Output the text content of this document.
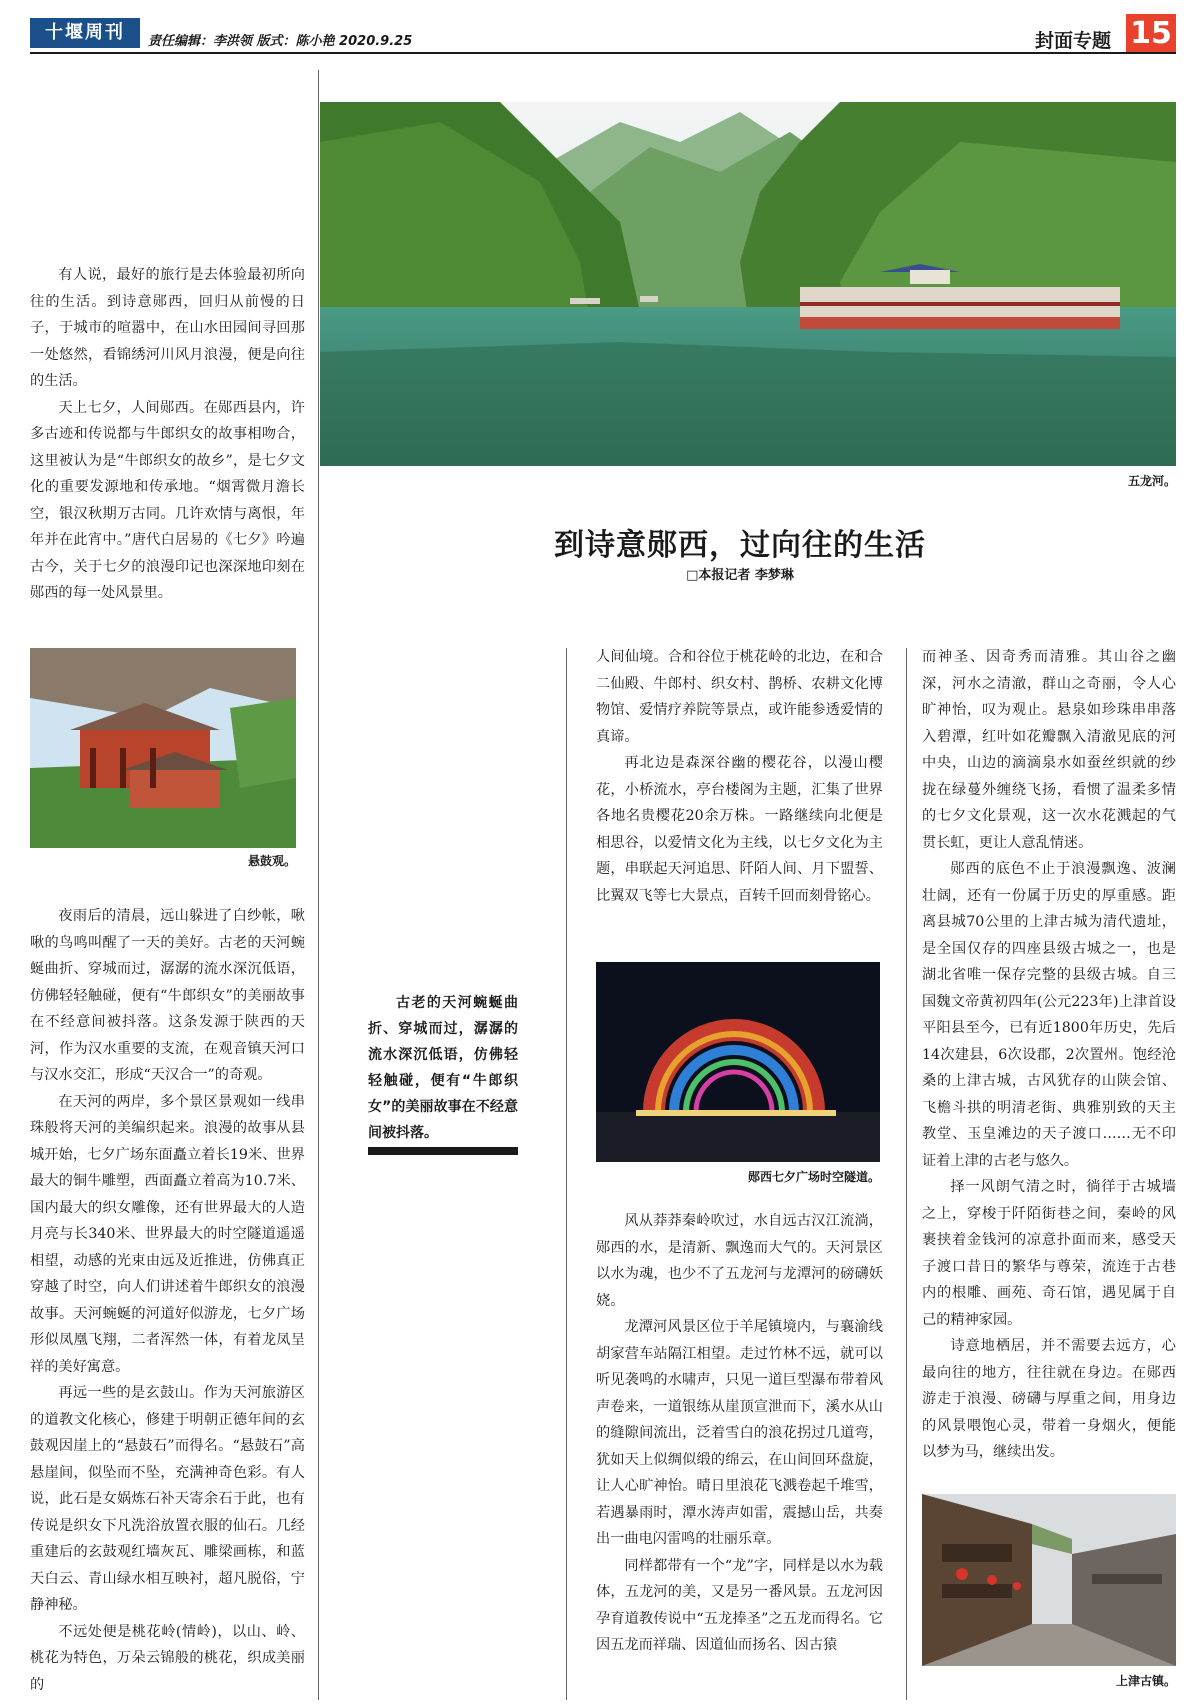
十堰周刊	责任编辑：李洪领 版式：陈小艳 2020.9.25	封面专题 15
五龙河。
到诗意郧西，过向往的生活
□本报记者 李梦琳

有人说，最好的旅行是去体验最初所向往的生活。到诗意郧西，回归从前慢的日子，于城市的喧嚣中，在山水田园间寻回那一处悠然，看锦绣河川风月浪漫，便是向往的生活。

天上七夕，人间郧西。在郧西县内，许多古迹和传说都与牛郎织女的故事相吻合，这里被认为是“牛郎织女的故乡”，是七夕文化的重要发源地和传承地。“烟霄微月澹长空，银汉秋期万古同。几许欢情与离恨，年年并在此宵中。”唐代白居易的《七夕》吟遍古今，关于七夕的浪漫印记也深深地印刻在郧西的每一处风景里。

悬鼓观。

夜雨后的清晨，远山躲进了白纱帐，啾啾的鸟鸣叫醒了一天的美好。古老的天河蜿蜒曲折、穿城而过，潺潺的流水深沉低语，仿佛轻轻触碰，便有“牛郎织女”的美丽故事在不经意间被抖落。这条发源于陕西的天河，作为汉水重要的支流，在观音镇天河口与汉水交汇，形成“天汉合一”的奇观。

在天河的两岸，多个景区景观如一线串珠般将天河的美编织起来。浪漫的故事从县城开始，七夕广场东面矗立着长19米、世界最大的铜牛雕塑，西面矗立着高为10.7米、国内最大的织女雕像，还有世界最大的人造月亮与长340米、世界最大的时空隧道遥遥相望，动感的光束由远及近推进，仿佛真正穿越了时空，向人们讲述着牛郎织女的浪漫故事。天河蜿蜒的河道好似游龙，七夕广场形似凤凰飞翔，二者浑然一体，有着龙凤呈祥的美好寓意。

再远一些的是玄鼓山。作为天河旅游区的道教文化核心，修建于明朝正德年间的玄鼓观因崖上的“悬鼓石”而得名。“悬鼓石”高悬崖间，似坠而不坠，充满神奇色彩。有人说，此石是女娲炼石补天寄余石于此，也有传说是织女下凡洗浴放置衣服的仙石。几经重建后的玄鼓观红墙灰瓦、雕梁画栋，和蓝天白云、青山绿水相互映衬，超凡脱俗，宁静神秘。

不远处便是桃花岭(情岭)，以山、岭、桃花为特色，万朵云锦般的桃花，织成美丽的

古老的天河蜿蜒曲折、穿城而过，潺潺的流水深沉低语，仿佛轻轻触碰，便有“牛郎织女”的美丽故事在不经意间被抖落。

人间仙境。合和谷位于桃花岭的北边，在和合二仙殿、牛郎村、织女村、鹊桥、农耕文化博物馆、爱情疗养院等景点，或许能参透爱情的真谛。

再北边是森深谷幽的樱花谷，以漫山樱花，小桥流水，亭台楼阁为主题，汇集了世界各地名贵樱花20余万株。一路继续向北便是相思谷，以爱情文化为主线，以七夕文化为主题，串联起天河追思、阡陌人间、月下盟誓、比翼双飞等七大景点，百转千回而刻骨铭心。

郧西七夕广场时空隧道。

风从莽莽秦岭吹过，水自远古汉江流淌，郧西的水，是清新、飘逸而大气的。天河景区以水为魂，也少不了五龙河与龙潭河的磅礴妖娆。

龙潭河风景区位于羊尾镇境内，与襄渝线胡家营车站隔江相望。走过竹林不远，就可以听见袭鸣的水啸声，只见一道巨型瀑布带着风声卷来，一道银练从崖顶宣泄而下，溪水从山的缝隙间流出，泛着雪白的浪花拐过几道弯，犹如天上似绸似缎的绵云，在山间回环盘旋，让人心旷神怡。晴日里浪花飞溅卷起千堆雪，若遇暴雨时，潭水涛声如雷，震撼山岳，共奏出一曲电闪雷鸣的壮丽乐章。

同样都带有一个“龙”字，同样是以水为载体，五龙河的美，又是另一番风景。五龙河因孕育道教传说中“五龙捧圣”之五龙而得名。它因五龙而祥瑞、因道仙而扬名、因古猿

而神圣、因奇秀而清雅。其山谷之幽深，河水之清澈，群山之奇丽，令人心旷神怡，叹为观止。悬泉如珍珠串串落入碧潭，红叶如花瓣飘入清澈见底的河中央，山边的滴滴泉水如蚕丝织就的纱拢在绿蔓外缠绕飞扬，看惯了温柔多情的七夕文化景观，这一次水花溅起的气贯长虹，更让人意乱情迷。

郧西的底色不止于浪漫飘逸、波澜壮阔，还有一份属于历史的厚重感。距离县城70公里的上津古城为清代遗址，是全国仅存的四座县级古城之一，也是湖北省唯一保存完整的县级古城。自三国魏文帝黄初四年(公元223年)上津首设平阳县至今，已有近1800年历史，先后14次建县，6次设郡，2次置州。饱经沧桑的上津古城，古风犹存的山陕会馆、飞檐斗拱的明清老街、典雅别致的天主教堂、玉皇滩边的天子渡口……无不印证着上津的古老与悠久。

择一风朗气清之时，徜徉于古城墙之上，穿梭于阡陌街巷之间，秦岭的风裹挟着金钱河的凉意扑面而来，感受天子渡口昔日的繁华与尊荣，流连于古巷内的根雕、画苑、奇石馆，遇见属于自己的精神家园。

诗意地栖居，并不需要去远方，心最向往的地方，往往就在身边。在郧西游走于浪漫、磅礴与厚重之间，用身边的风景喂饱心灵，带着一身烟火，便能以梦为马，继续出发。

上津古镇。
